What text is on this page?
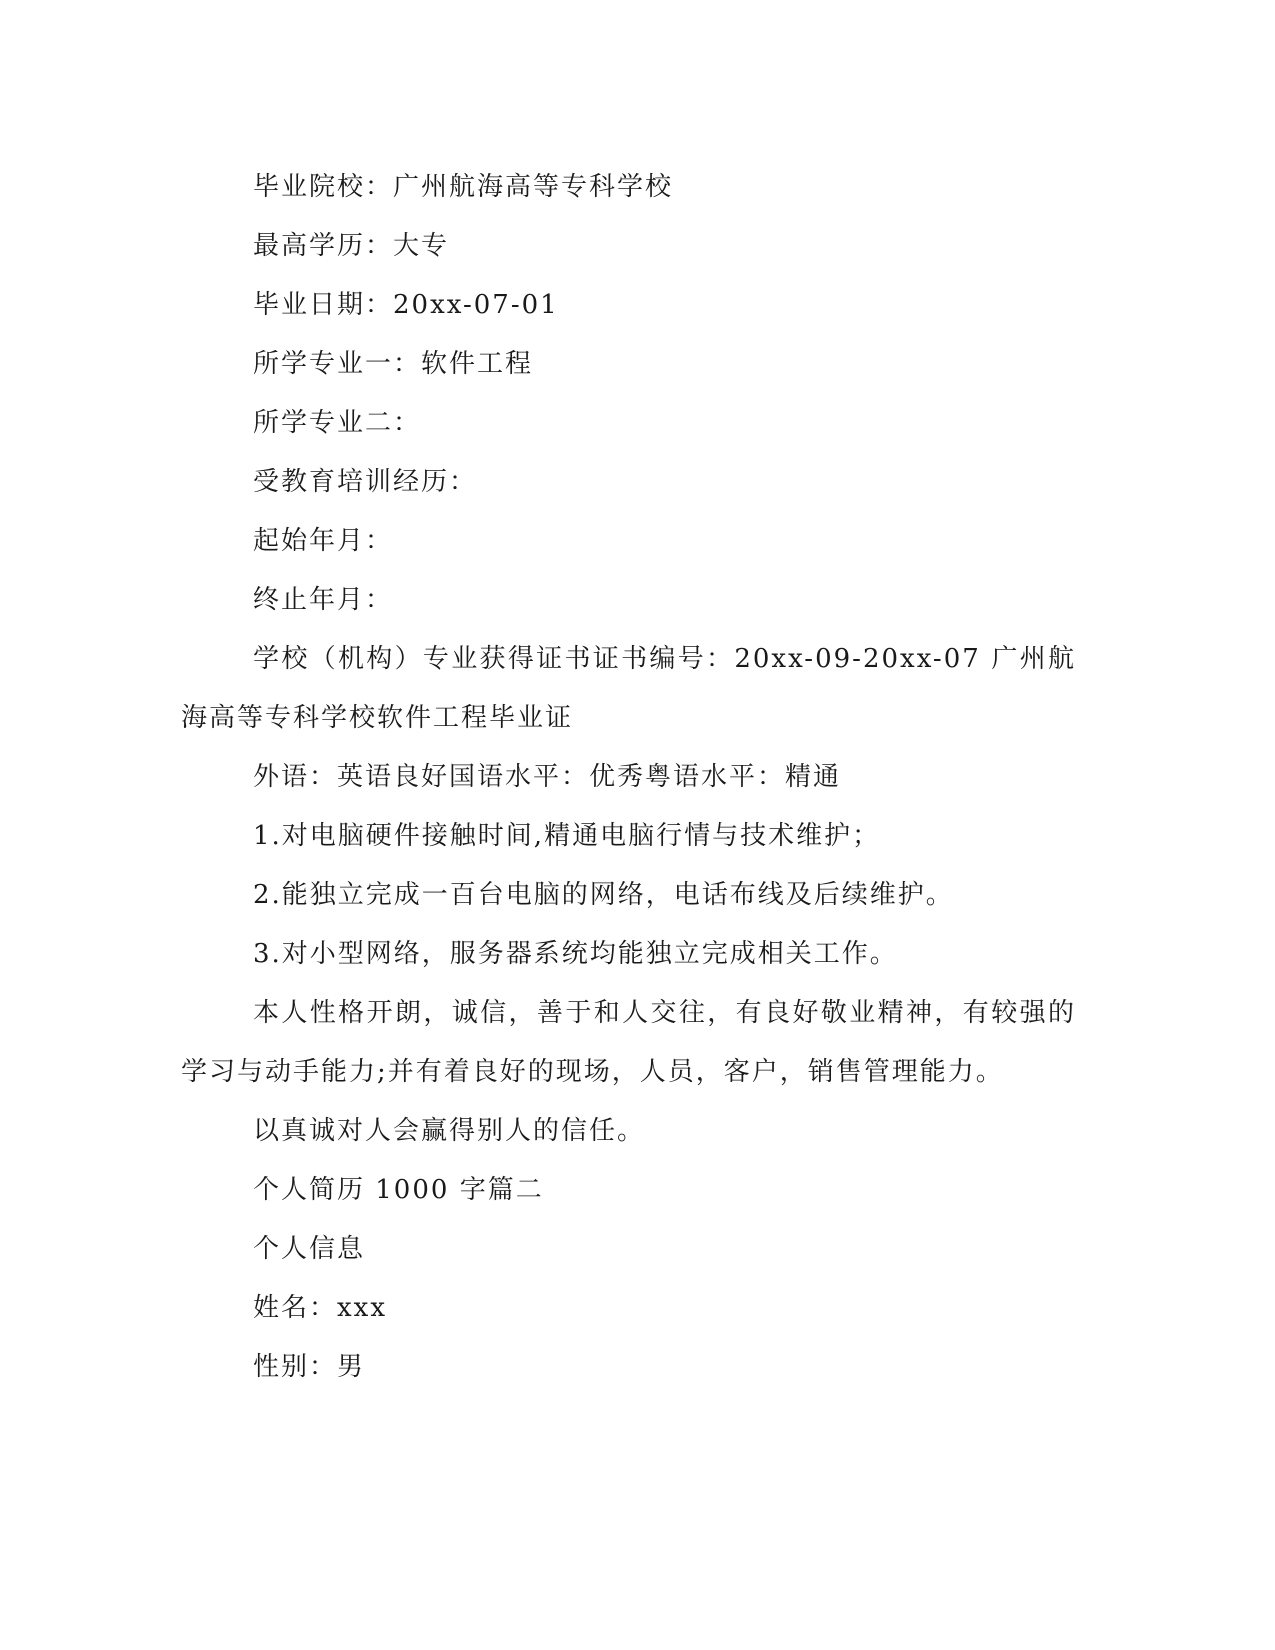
毕业院校：广州航海高等专科学校

最高学历：大专

毕业日期：20xx-07-01

所学专业一：软件工程

所学专业二：

受教育培训经历：

起始年月：

终止年月：

学校（机构）专业获得证书证书编号：20xx-09-20xx-07 广州航海高等专科学校软件工程毕业证

外语：英语良好国语水平：优秀粤语水平：精通

1.对电脑硬件接触时间,精通电脑行情与技术维护；

2.能独立完成一百台电脑的网络，电话布线及后续维护。

3.对小型网络，服务器系统均能独立完成相关工作。

本人性格开朗，诚信，善于和人交往，有良好敬业精神，有较强的学习与动手能力;并有着良好的现场，人员，客户，销售管理能力。

以真诚对人会赢得别人的信任。

个人简历 1000 字篇二

个人信息

姓名：xxx

性别：男
